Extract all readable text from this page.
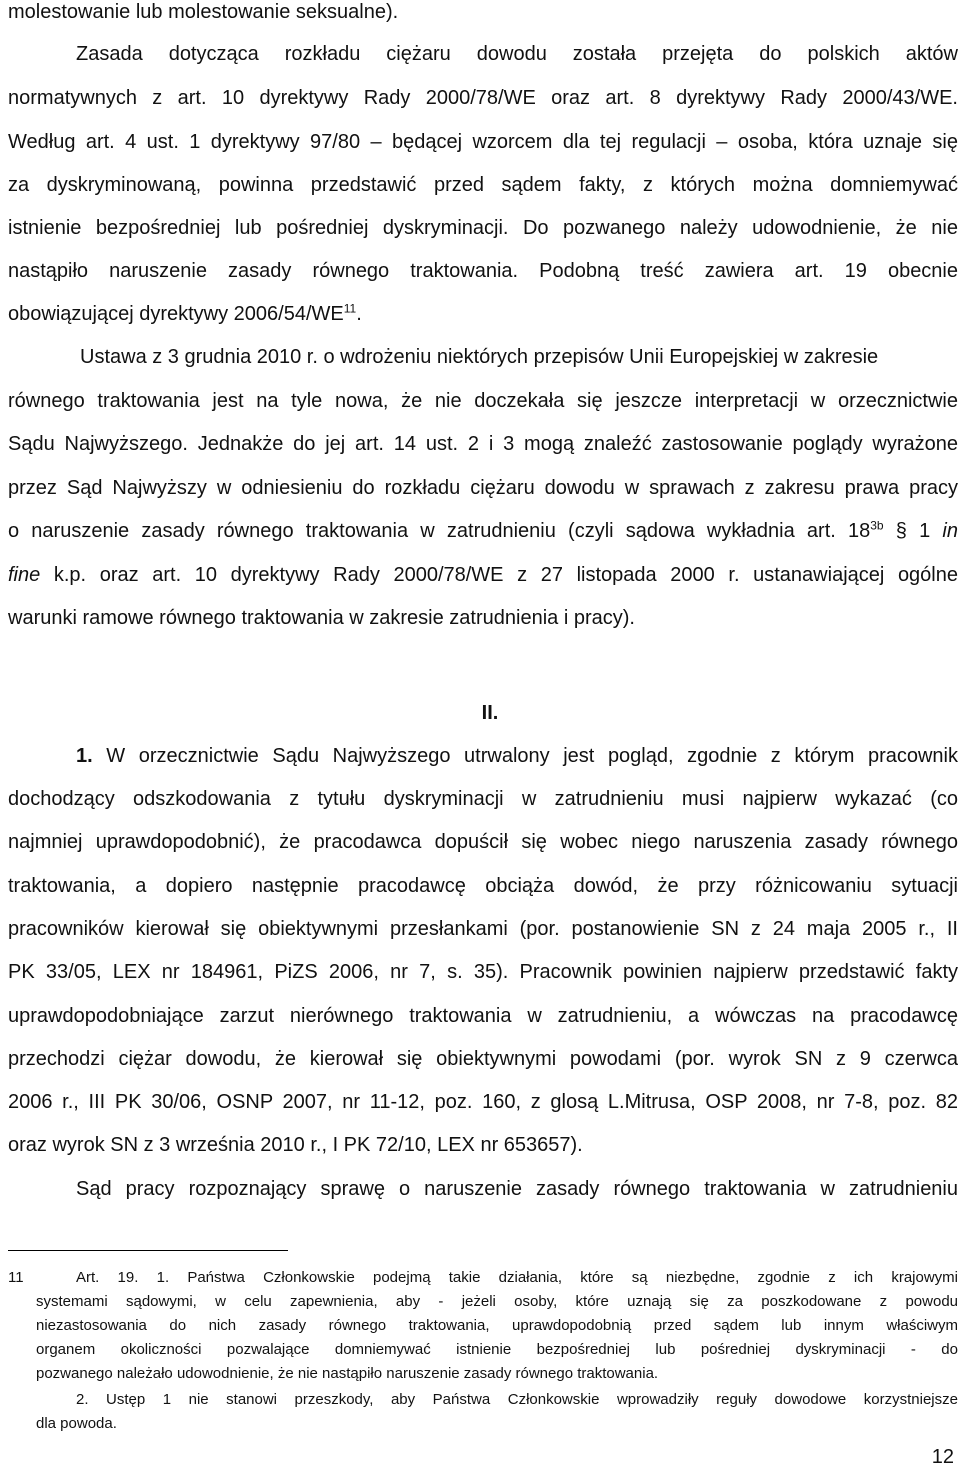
molestowanie lub molestowanie seksualne).
Zasada dotycząca rozkładu ciężaru dowodu została przejęta do polskich aktów
normatywnych z art. 10 dyrektywy Rady 2000/78/WE oraz art. 8 dyrektywy Rady 2000/43/WE.
Według art. 4 ust. 1 dyrektywy 97/80 – będącej wzorcem dla tej regulacji – osoba, która uznaje się
za dyskryminowaną, powinna przedstawić przed sądem fakty, z których można domniemywać
istnienie bezpośredniej lub pośredniej dyskryminacji. Do pozwanego należy udowodnienie, że nie
nastąpiło naruszenie zasady równego traktowania. Podobną treść zawiera art. 19 obecnie
obowiązującej dyrektywy 2006/54/WE$^{11}$.
Ustawa z 3 grudnia 2010 r. o wdrożeniu niektórych przepisów Unii Europejskiej w zakresie
równego traktowania jest na tyle nowa, że nie doczekała się jeszcze interpretacji w orzecznictwie
Sądu Najwyższego. Jednakże do jej art. 14 ust. 2 i 3 mogą znaleźć zastosowanie poglądy wyrażone
przez Sąd Najwyższy w odniesieniu do rozkładu ciężaru dowodu w sprawach z zakresu prawa pracy
o naruszenie zasady równego traktowania w zatrudnieniu (czyli sądowa wykładnia art. $18^{3b}$ § 1 in
fine k.p. oraz art. 10 dyrektywy Rady 2000/78/WE z 27 listopada 2000 r. ustanawiającej ogólne
warunki ramowe równego traktowania w zakresie zatrudnienia i pracy).
II.
1. W orzecznictwie Sądu Najwyższego utrwalony jest pogląd, zgodnie z którym pracownik
dochodzący odszkodowania z tytułu dyskryminacji w zatrudnieniu musi najpierw wykazać (co
najmniej uprawdopodobnić), że pracodawca dopuścił się wobec niego naruszenia zasady równego
traktowania, a dopiero następnie pracodawcę obciąża dowód, że przy różnicowaniu sytuacji
pracowników kierował się obiektywnymi przesłankami (por. postanowienie SN z 24 maja 2005 r., II
PK 33/05, LEX nr 184961, PiZS 2006, nr 7, s. 35). Pracownik powinien najpierw przedstawić fakty
uprawdopodobniające zarzut nierównego traktowania w zatrudnieniu, a wówczas na pracodawcę
przechodzi ciężar dowodu, że kierował się obiektywnymi powodami (por. wyrok SN z 9 czerwca
2006 r., III PK 30/06, OSNP 2007, nr 11-12, poz. 160, z glosą L.Mitrusa, OSP 2008, nr 7-8, poz. 82
oraz wyrok SN z 3 września 2010 r., I PK 72/10, LEX nr 653657).
Sąd pracy rozpoznający sprawę o naruszenie zasady równego traktowania w zatrudnieniu
11	Art. 19. 1. Państwa Członkowskie podejmą takie działania, które są niezbędne, zgodnie z ich krajowymi
systemami sądowymi, w celu zapewnienia, aby - jeżeli osoby, które uznają się za poszkodowane z powodu
niezastosowania do nich zasady równego traktowania, uprawdopodobnią przed sądem lub innym właściwym
organem okoliczności pozwalające domniemywać istnienie bezpośredniej lub pośredniej dyskryminacji - do
pozwanego należało udowodnienie, że nie nastąpiło naruszenie zasady równego traktowania.
2. Ustęp 1 nie stanowi przeszkody, aby Państwa Członkowskie wprowadziły reguły dowodowe korzystniejsze
dla powoda.
12
